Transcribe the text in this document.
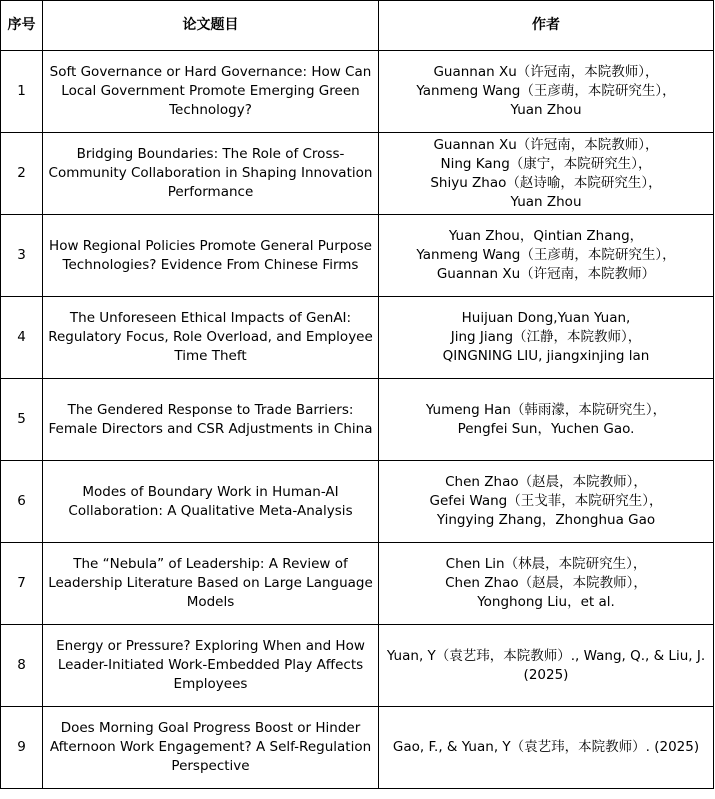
序号	论文题目	作者
1	Soft Governance or Hard Governance: How Can Local Government Promote Emerging Green Technology?	Guannan Xu（许冠南，本院教师），
Yanmeng Wang（王彦萌，本院研究生），
Yuan Zhou

2	Bridging Boundaries: The Role of Cross-Community Collaboration in Shaping Innovation Performance	Guannan Xu（许冠南，本院教师），
Ning Kang（康宁，本院研究生），
Shiyu Zhao（赵诗喻，本院研究生），
Yuan Zhou

3	How Regional Policies Promote General Purpose Technologies? Evidence From Chinese Firms	Yuan Zhou，Qintian Zhang，
Yanmeng Wang（王彦萌，本院研究生），
Guannan Xu（许冠南，本院教师）

4	The Unforeseen Ethical Impacts of GenAI: Regulatory Focus, Role Overload, and Employee Time Theft	Huijuan Dong,Yuan Yuan,
Jing Jiang（江静，本院教师），
QINGNING LIU, jiangxinjing lan

5	The Gendered Response to Trade Barriers: Female Directors and CSR Adjustments in China	Yumeng Han（韩雨濛，本院研究生），
Pengfei Sun，Yuchen Gao.

6	Modes of Boundary Work in Human-AI Collaboration: A Qualitative Meta-Analysis	Chen Zhao（赵晨，本院教师），
Gefei Wang（王戈菲，本院研究生），
Yingying Zhang，Zhonghua Gao

7	The “Nebula” of Leadership: A Review of Leadership Literature Based on Large Language Models	Chen Lin（林晨，本院研究生），
Chen Zhao（赵晨，本院教师），
Yonghong Liu，et al.

8	Energy or Pressure? Exploring When and How Leader-Initiated Work-Embedded Play Affects Employees	Yuan, Y（袁艺玮，本院教师）., Wang, Q., & Liu, J.
(2025)

9	Does Morning Goal Progress Boost or Hinder Afternoon Work Engagement? A Self-Regulation Perspective	Gao, F., & Yuan, Y（袁艺玮，本院教师）. (2025)
